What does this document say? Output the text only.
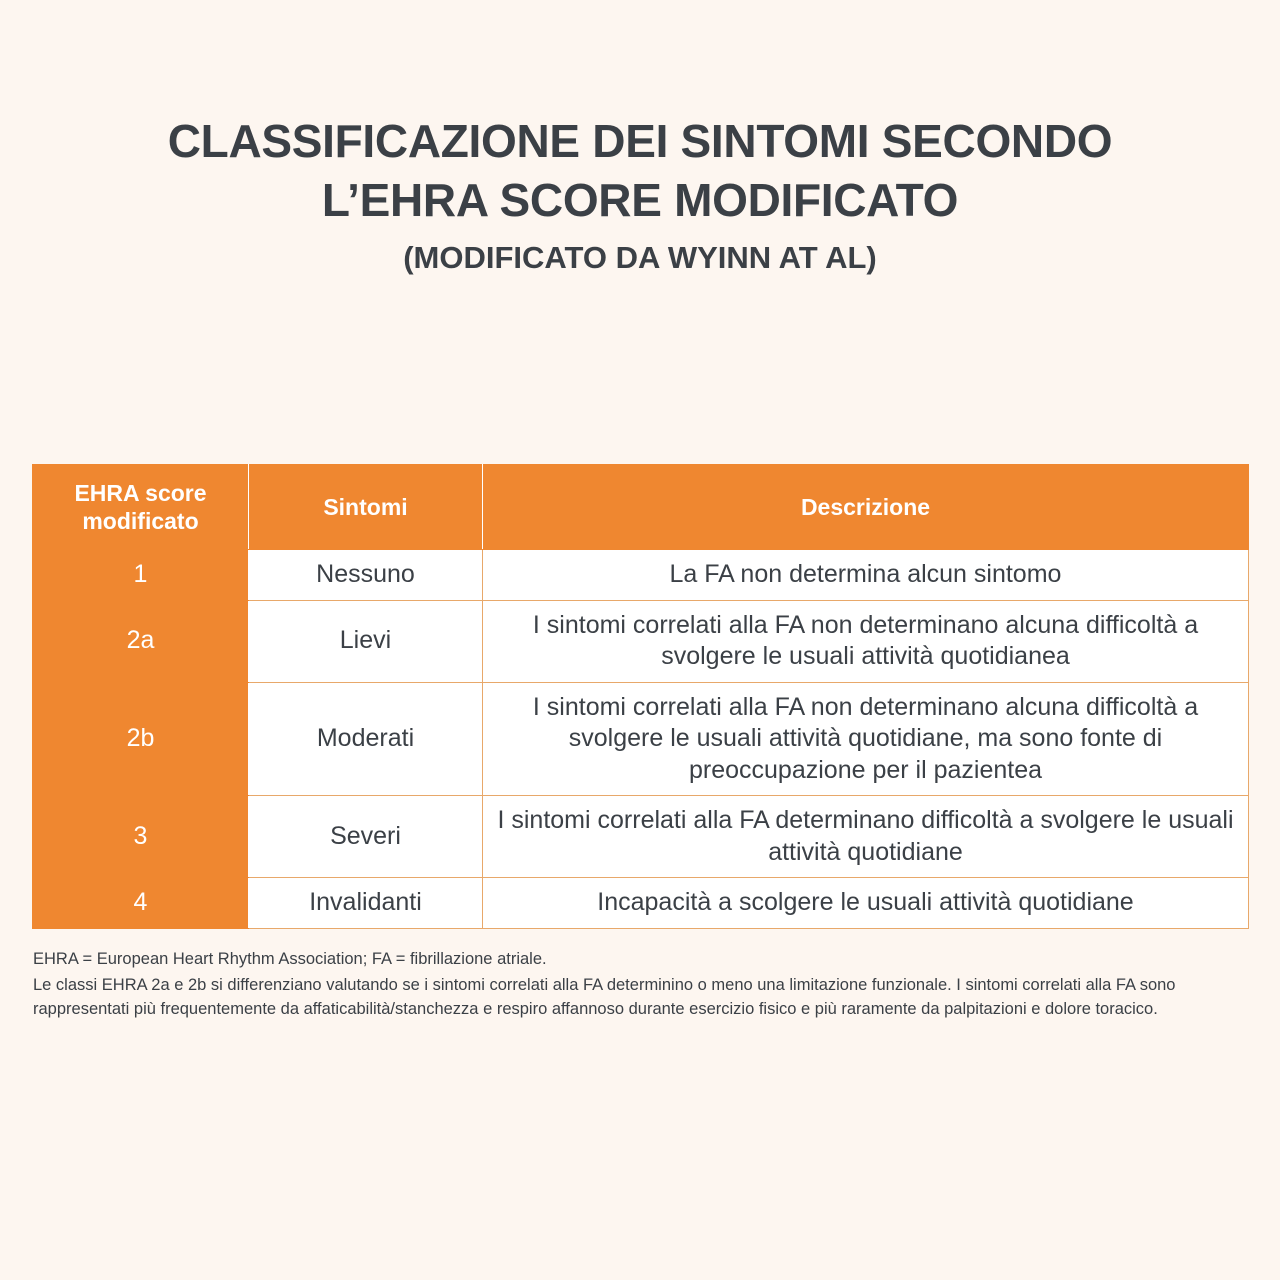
CLASSIFICAZIONE DEI SINTOMI SECONDO
L’EHRA SCORE MODIFICATO
(MODIFICATO DA WYINN AT AL)
EHRA score modificato	Sintomi	Descrizione
1	Nessuno	La FA non determina alcun sintomo
2a	Lievi	I sintomi correlati alla FA non determinano alcuna difficoltà a svolgere le usuali attività quotidianea
2b	Moderati	I sintomi correlati alla FA non determinano alcuna difficoltà a svolgere le usuali attività quotidiane, ma sono fonte di preoccupazione per il pazientea
3	Severi	I sintomi correlati alla FA determinano difficoltà a svolgere le usuali attività quotidiane
4	Invalidanti	Incapacità a scolgere le usuali attività quotidiane

EHRA = European Heart Rhythm Association; FA = fibrillazione atriale.

Le classi EHRA 2a e 2b si differenziano valutando se i sintomi correlati alla FA determinino o meno una limitazione funzionale. I sintomi correlati alla FA sono rappresentati più frequentemente da affaticabilità/stanchezza e respiro affannoso durante esercizio fisico e più raramente da palpitazioni e dolore toracico.
